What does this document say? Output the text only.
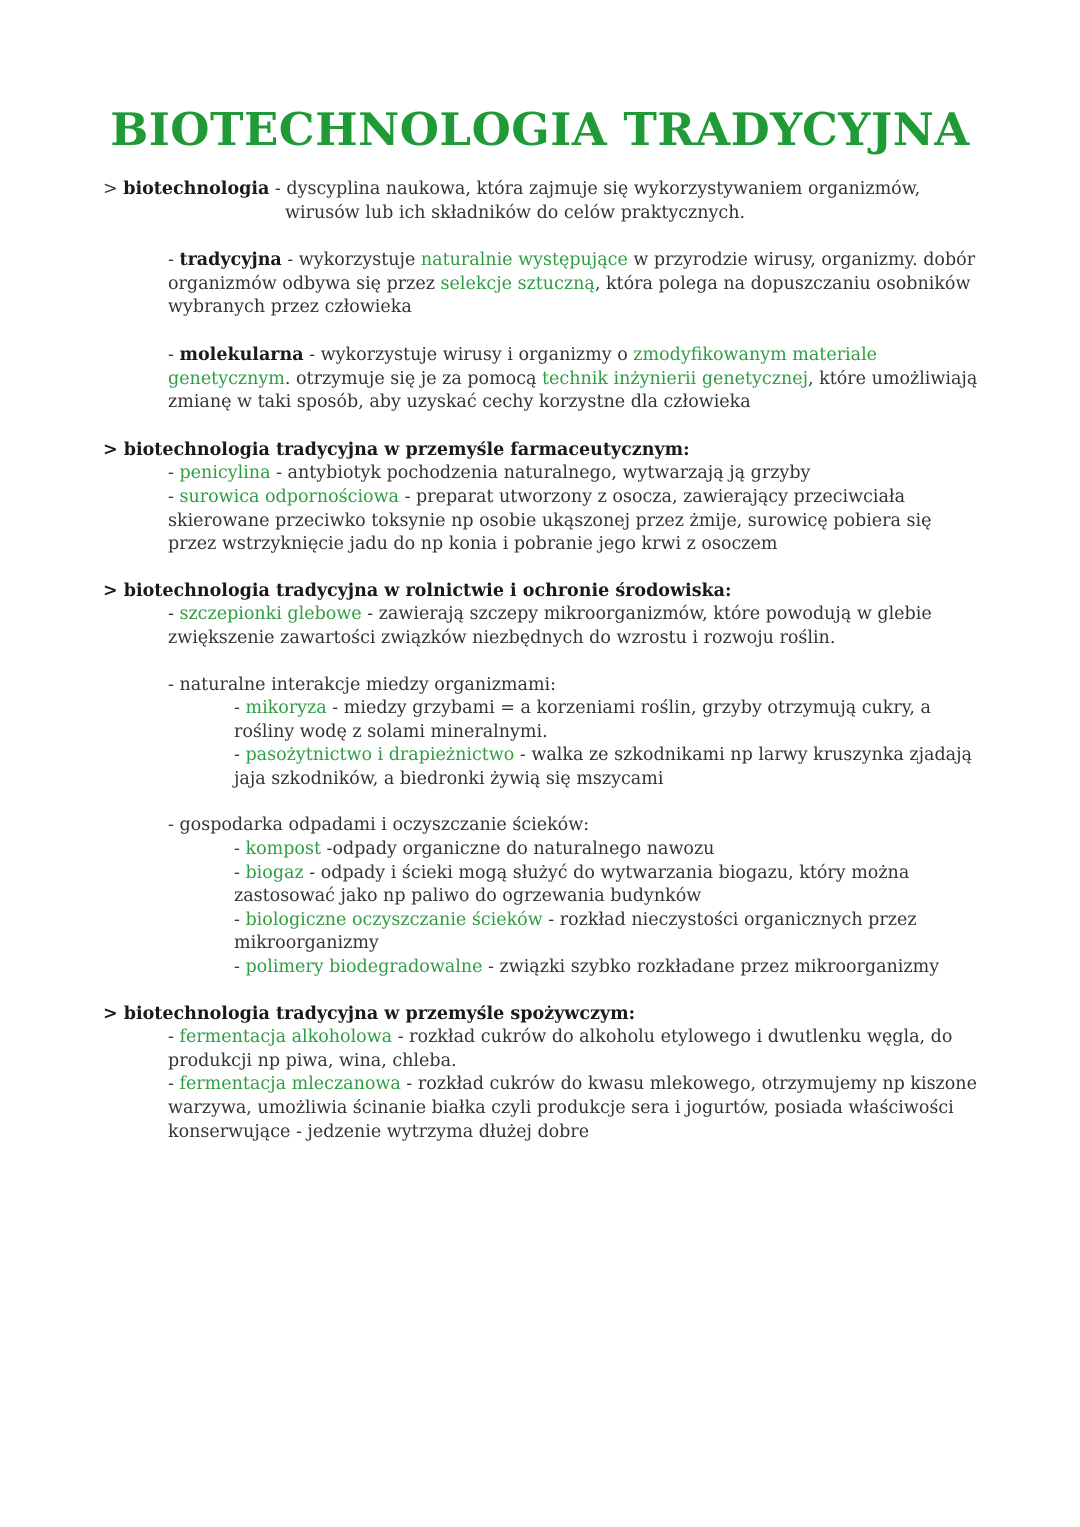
BIOTECHNOLOGIA TRADYCYJNA

> biotechnologia - dyscyplina naukowa, która zajmuje się wykorzystywaniem organizmów,
wirusów lub ich składników do celów praktycznych.

- tradycyjna - wykorzystuje naturalnie występujące w przyrodzie wirusy, organizmy. dobór organizmów odbywa się przez selekcje sztuczną, która polega na dopuszczaniu osobników wybranych przez człowieka

- molekularna - wykorzystuje wirusy i organizmy o zmodyfikowanym materiale genetycznym. otrzymuje się je za pomocą technik inżynierii genetycznej, które umożliwiają zmianę w taki sposób, aby uzyskać cechy korzystne dla człowieka

> biotechnologia tradycyjna w przemyśle farmaceutycznym:

- penicylina - antybiotyk pochodzenia naturalnego, wytwarzają ją grzyby

- surowica odpornościowa - preparat utworzony z osocza, zawierający przeciwciała skierowane przeciwko toksynie np osobie ukąszonej przez żmije, surowicę pobiera się przez wstrzyknięcie jadu do np konia i pobranie jego krwi z osoczem

> biotechnologia tradycyjna w rolnictwie i ochronie środowiska:

- szczepionki glebowe - zawierają szczepy mikroorganizmów, które powodują w glebie zwiększenie zawartości związków niezbędnych do wzrostu i rozwoju roślin.

- naturalne interakcje miedzy organizmami:

- mikoryza - miedzy grzybami = a korzeniami roślin, grzyby otrzymują cukry, a rośliny wodę z solami mineralnymi.

- pasożytnictwo i drapieżnictwo - walka ze szkodnikami np larwy kruszynka zjadają jaja szkodników, a biedronki żywią się mszycami

- gospodarka odpadami i oczyszczanie ścieków:

- kompost -odpady organiczne do naturalnego nawozu

- biogaz - odpady i ścieki mogą służyć do wytwarzania biogazu, który można zastosować jako np paliwo do ogrzewania budynków

- biologiczne oczyszczanie ścieków - rozkład nieczystości organicznych przez mikroorganizmy

- polimery biodegradowalne - związki szybko rozkładane przez mikroorganizmy

> biotechnologia tradycyjna w przemyśle spożywczym:

- fermentacja alkoholowa - rozkład cukrów do alkoholu etylowego i dwutlenku węgla, do produkcji np piwa, wina, chleba.

- fermentacja mleczanowa - rozkład cukrów do kwasu mlekowego, otrzymujemy np kiszone warzywa, umożliwia ścinanie białka czyli produkcje sera i jogurtów, posiada właściwości konserwujące - jedzenie wytrzyma dłużej dobre
